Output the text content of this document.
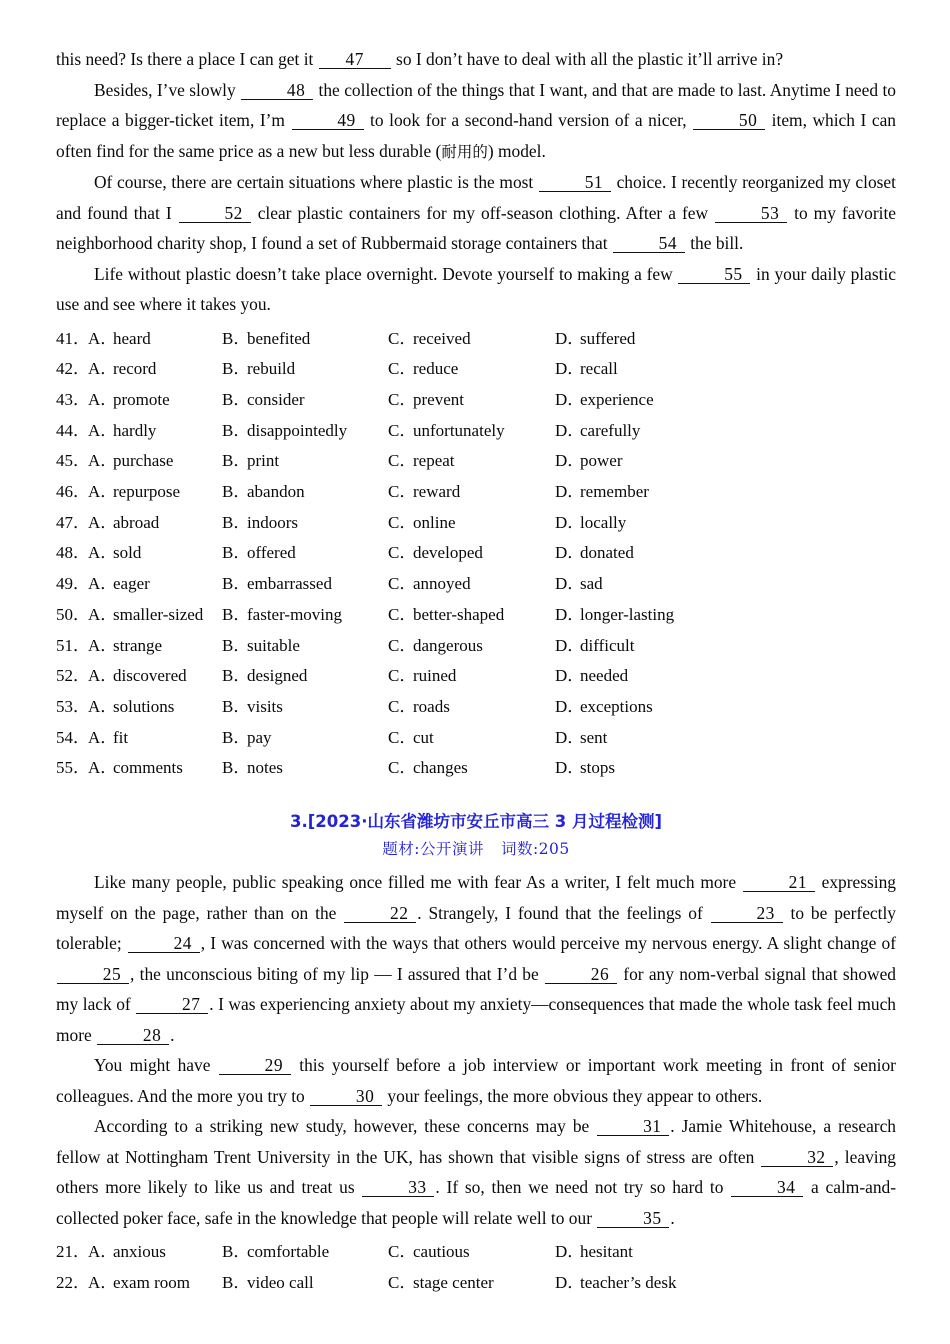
this need? Is there a place I can get it 47 so I don’t have to deal with all the plastic it’ll arrive in?
Besides, I’ve slowly	48 the collection of the things that I want, and that are made to last. Anytime I need to replace a bigger-ticket item, I’m	49 to look for a second-hand version of a nicer,	50 item, which I can often find for the same price as a new but less durable (耐用的) model.
Of course, there are certain situations where plastic is the most	51 choice. I recently reorganized my closet and found that I	52 clear plastic containers for my off-season clothing. After a few	53 to my favorite neighborhood charity shop, I found a set of Rubbermaid storage containers that	54 the bill.
Life without plastic doesn’t take place overnight. Devote yourself to making a few	55 in your daily plastic use and see where it takes you.
41．A．heard	B．benefited	C．received	D．suffered
42．A．record	B．rebuild	C．reduce	D．recall
43．A．promote	B．consider	C．prevent	D．experience
44．A．hardly	B．disappointedly C．unfortunately	D．carefully
45．A．purchase	B．print	C．repeat	D．power
46．A．repurpose B．abandon	C．reward	D．remember
47．A．abroad	B．indoors	C．online	D．locally
48．A．sold	B．offered	C．developed	D．donated
49．A．eager	B．embarrassed	C．annoyed	D．sad
50．A．smaller-sized B．faster-moving	C．better-shaped	D．longer-lasting
51．A．strange	B．suitable	C．dangerous	D．difficult
52．A．discovered B．designed	C．ruined	D．needed
53．A．solutions	B．visits	C．roads	D．exceptions
54．A．fit	B．pay	C．cut	D．sent
55．A．comments B．notes	C．changes	D．stops
3.[2023·山东省潍坊市安丘市高三 3 月过程检测]
题材:公开演讲 词数:205
Like many people, public speaking once filled me with fear As a writer, I felt much more	21 expressing myself on the page, rather than on the	22 . Strangely, I found that the feelings of	23 to be perfectly tolerable;	24 , I was concerned with the ways that others would perceive my nervous energy. A slight change of 25 , the unconscious biting of my lip — I assured that I’d be	26 for any nom-verbal signal that showed my lack of	27 . I was experiencing anxiety about my anxiety—consequences that made the whole task feel much more	28 .
You might have	29 this yourself before a job interview or important work meeting in front of senior colleagues. And the more you try to	30 your feelings, the more obvious they appear to others.
According to a striking new study, however, these concerns may be	31 . Jamie Whitehouse, a research fellow at Nottingham Trent University in the UK, has shown that visible signs of stress are often	32 , leaving others more likely to like us and treat us	33 . If so, then we need not try so hard to	34 a calm-and-collected poker face, safe in the knowledge that people will relate well to our	35 .
21．A．anxious	B．comfortable	C．cautious	D．hesitant
22．A．exam room B．video call	C．stage center	D．teacher’s desk
